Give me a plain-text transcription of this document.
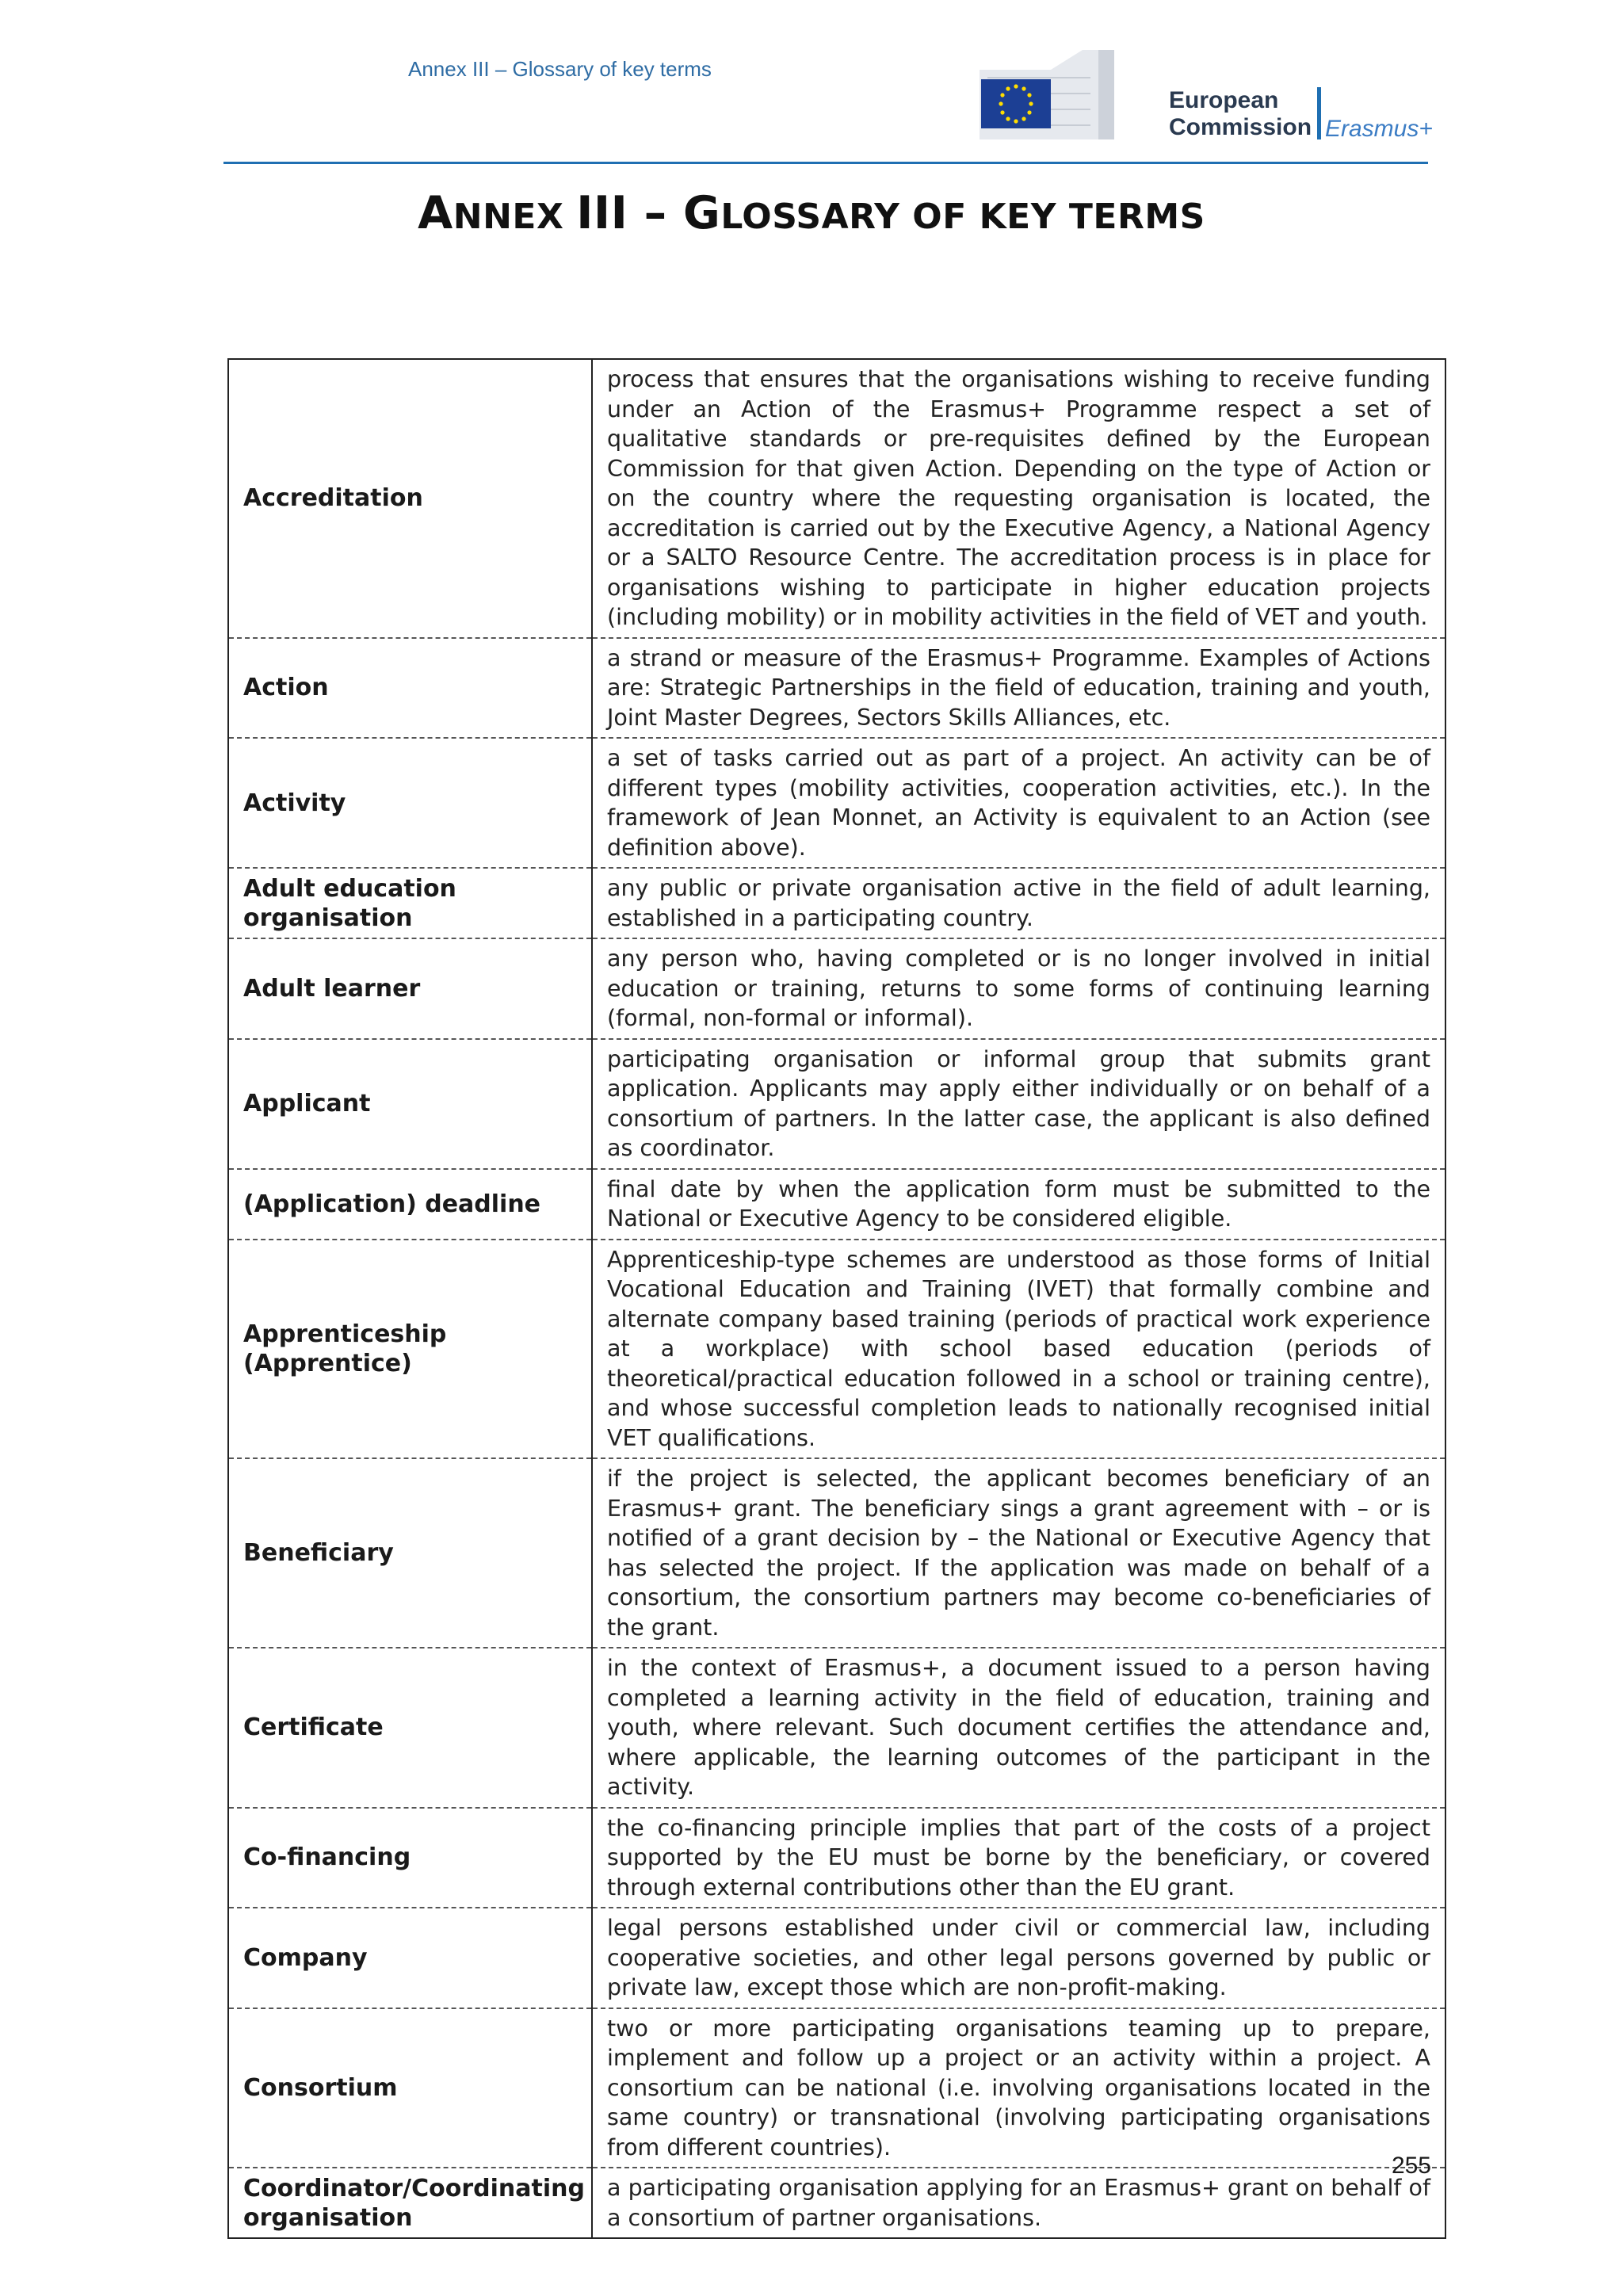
Annex III – Glossary of key terms
European
Commission Erasmus+
ANNEX III – GLOSSARY OF KEY TERMS
Accreditation	process that ensures that the organisations wishing to receive funding under an Action of the Erasmus+ Programme respect a set of qualitative standards or pre-requisites defined by the European Commission for that given Action. Depending on the type of Action or on the country where the requesting organisation is located, the accreditation is carried out by the Executive Agency, a National Agency or a SALTO Resource Centre. The accreditation process is in place for organisations wishing to participate in higher education projects (including mobility) or in mobility activities in the field of VET and youth.
Action	a strand or measure of the Erasmus+ Programme. Examples of Actions are: Strategic Partnerships in the field of education, training and youth, Joint Master Degrees, Sectors Skills Alliances, etc.
Activity	a set of tasks carried out as part of a project. An activity can be of different types (mobility activities, cooperation activities, etc.). In the framework of Jean Monnet, an Activity is equivalent to an Action (see definition above).
Adult education organisation	any public or private organisation active in the field of adult learning, established in a participating country.
Adult learner	any person who, having completed or is no longer involved in initial education or training, returns to some forms of continuing learning (formal, non-formal or informal).
Applicant	participating organisation or informal group that submits grant application. Applicants may apply either individually or on behalf of a consortium of partners. In the latter case, the applicant is also defined as coordinator.
(Application) deadline	final date by when the application form must be submitted to the National or Executive Agency to be considered eligible.
Apprenticeship (Apprentice)	Apprenticeship-type schemes are understood as those forms of Initial Vocational Education and Training (IVET) that formally combine and alternate company based training (periods of practical work experience at a workplace) with school based education (periods of theoretical/practical education followed in a school or training centre), and whose successful completion leads to nationally recognised initial VET qualifications.
Beneficiary	if the project is selected, the applicant becomes beneficiary of an Erasmus+ grant. The beneficiary sings a grant agreement with – or is notified of a grant decision by – the National or Executive Agency that has selected the project. If the application was made on behalf of a consortium, the consortium partners may become co-beneficiaries of the grant.
Certificate	in the context of Erasmus+, a document issued to a person having completed a learning activity in the field of education, training and youth, where relevant. Such document certifies the attendance and, where applicable, the learning outcomes of the participant in the activity.
Co-financing	the co-financing principle implies that part of the costs of a project supported by the EU must be borne by the beneficiary, or covered through external contributions other than the EU grant.
Company	legal persons established under civil or commercial law, including cooperative societies, and other legal persons governed by public or private law, except those which are non-profit-making.
Consortium	two or more participating organisations teaming up to prepare, implement and follow up a project or an activity within a project. A consortium can be national (i.e. involving organisations located in the same country) or transnational (involving participating organisations from different countries).
Coordinator/Coordinating organisation	a participating organisation applying for an Erasmus+ grant on behalf of a consortium of partner organisations.
255
